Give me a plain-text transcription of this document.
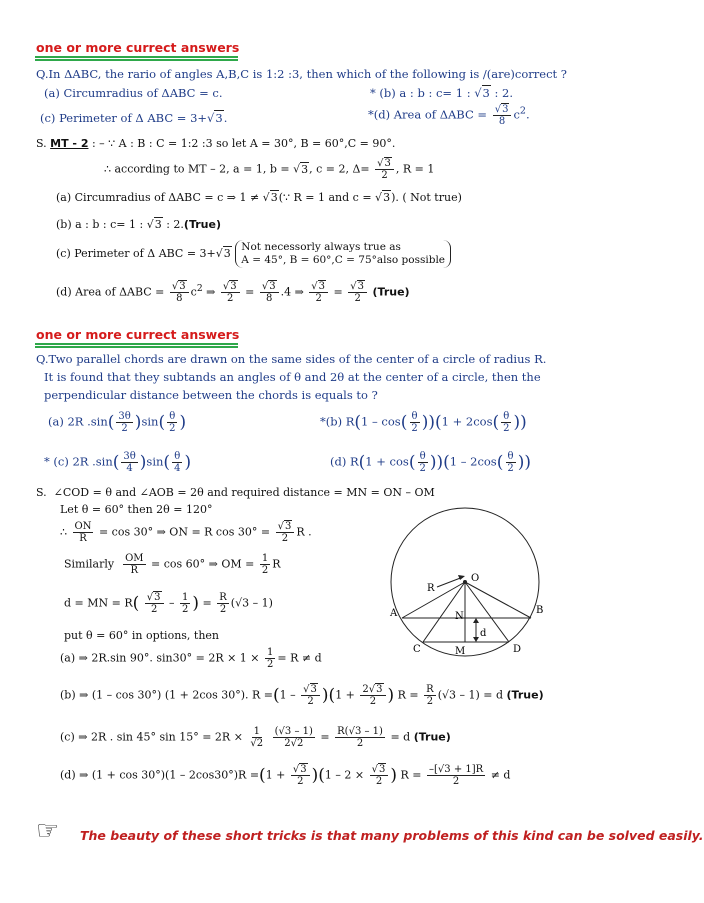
one or more currect answers
Q.In ΔABC, the rario of angles A,B,C is 1:2 :3, then which of the following is /(are)correct ?
(a) Circumradius of ΔABC = c.	* (b) a : b : c= 1 : √3 : 2.
(c) Perimeter of Δ ABC = 3+√3.	*(d) Area of $\Delta ABC = \frac{√3}{8} c^2$.
S. MT - 2 : – ∵ A : B : C = 1:2 :3 so let A = 30°, B = 60°,C = 90°.
∴ according to MT – 2, a = 1, b = √3, c = 2, $\Delta= \frac{√3}{2}$ , R = 1
(a) Circumradius of ΔABC = c ⇒ 1 ≠ √3(∵ R = 1 and c = √3). ( Not true)
(b) a : b : c= 1 : √3 : 2.(True)
(c) Perimeter of Δ ABC = 3+√3 Not necessorly always true as
A = 45°, B = 60°,C = 75°also possible
(d) Area of $\Delta ABC = \frac{√3}{8} c^2$ ⇒ $\frac{√3}{2} = \frac{√3}{8} .4$ ⇒ $\frac{√3}{2} = \frac{√3}{2}$ (True)
one or more currect answers
Q.Two parallel chords are drawn on the same sides of the center of a circle of radius R.
It is found that they subtands an angles of θ and 2θ at the center of a circle, then the
perpendicular distance between the chords is equals to ?
(a) 2R $.\sin( \frac{3\theta}{2} )\sin( \frac{\theta}{2}$ )	*(b) $R(1 - \cos( \frac{\theta}{2} ))(1 + 2\cos( \frac{\theta}{2}$ ))
* (c) 2R $.\sin( \frac{3\theta}{4} )\sin( \frac{\theta}{4}$ )	(d) $R(1 + \cos( \frac{\theta}{2} ))(1 - 2\cos( \frac{\theta}{2}$ ))
S. ∠COD = θ and ∠AOB = 2θ and required distance = MN = ON – OM
Let θ = 60° then 2θ = 120°
∴ $\frac{ON}{R} = \cos 30^\circ$ ⇒ ON = R $\cos 30^\circ = \frac{√3}{2}$ R .
Similarly $\frac{OM}{R} = \cos 60^\circ$ ⇒ OM = $\frac{1}{2}$ R
d = MN = $R( \frac{√3}{2} - \frac{1}{2}$ ) = $\frac{R}{2} (√3 - 1)$
put θ = 60° in options, then
(a) ⇒ 2R.sin 90°. $\sin 30^\circ = 2R \times 1 \times \frac{1}{2} = R \ne d$
(b) ⇒ (1 – cos 30°) (1 + 2cos 30°). $R =(1 - \frac{√3}{2} )(1 + \frac{2√3}{2}$ ) $R = \frac{R}{2} (√3 - 1) = d$ (True)
(c) ⇒ 2R . sin 45° $\sin 15^\circ = 2R \times \frac{1}{√2}$
$\frac{(√3 - 1)}{2√2} = \frac{R(√3 - 1)}{2} = d$ (True)
(d) ⇒ $(1 + \cos 30^\circ)(1 - 2\cos 30^\circ)R =(1 + \frac{√3}{2} )(1 - 2 \times \frac{√3}{2}$ ) $R = \frac{-[√3 + 1]R}{2} \ne d$
O
A	B
C	D
M
N
R
d
☞ The beauty of these short tricks is that many problems of this kind can be solved easily.
